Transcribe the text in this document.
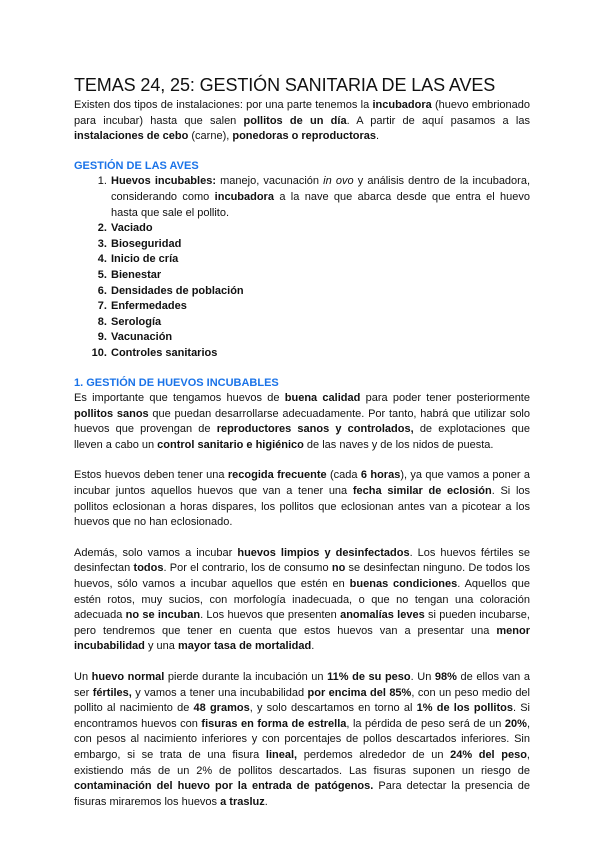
TEMAS 24, 25: GESTIÓN SANITARIA DE LAS AVES

Existen dos tipos de instalaciones: por una parte tenemos la incubadora (huevo embrionado para incubar) hasta que salen pollitos de un día. A partir de aquí pasamos a las instalaciones de cebo (carne), ponedoras o reproductoras.

GESTIÓN DE LAS AVES
1. Huevos incubables: manejo, vacunación in ovo y análisis dentro de la incubadora, considerando como incubadora a la nave que abarca desde que entra el huevo hasta que sale el pollito.
2. Vaciado
3. Bioseguridad
4. Inicio de cría
5. Bienestar
6. Densidades de población
7. Enfermedades
8. Serología
9. Vacunación
10. Controles sanitarios
1. GESTIÓN DE HUEVOS INCUBABLES

Es importante que tengamos huevos de buena calidad para poder tener posteriormente pollitos sanos que puedan desarrollarse adecuadamente. Por tanto, habrá que utilizar solo huevos que provengan de reproductores sanos y controlados, de explotaciones que lleven a cabo un control sanitario e higiénico de las naves y de los nidos de puesta.

Estos huevos deben tener una recogida frecuente (cada 6 horas), ya que vamos a poner a incubar juntos aquellos huevos que van a tener una fecha similar de eclosión. Si los pollitos eclosionan a horas dispares, los pollitos que eclosionan antes van a picotear a los huevos que no han eclosionado.

Además, solo vamos a incubar huevos limpios y desinfectados. Los huevos fértiles se desinfectan todos. Por el contrario, los de consumo no se desinfectan ninguno. De todos los huevos, sólo vamos a incubar aquellos que estén en buenas condiciones. Aquellos que estén rotos, muy sucios, con morfología inadecuada, o que no tengan una coloración adecuada no se incuban. Los huevos que presenten anomalías leves si pueden incubarse, pero tendremos que tener en cuenta que estos huevos van a presentar una menor incubabilidad y una mayor tasa de mortalidad.

Un huevo normal pierde durante la incubación un 11% de su peso. Un 98% de ellos van a ser fértiles, y vamos a tener una incubabilidad por encima del 85%, con un peso medio del pollito al nacimiento de 48 gramos, y solo descartamos en torno al 1% de los pollitos. Si encontramos huevos con fisuras en forma de estrella, la pérdida de peso será de un 20%, con pesos al nacimiento inferiores y con porcentajes de pollos descartados inferiores. Sin embargo, si se trata de una fisura lineal, perdemos alrededor de un 24% del peso, existiendo más de un 2% de pollitos descartados. Las fisuras suponen un riesgo de contaminación del huevo por la entrada de patógenos. Para detectar la presencia de fisuras miraremos los huevos a trasluz.
